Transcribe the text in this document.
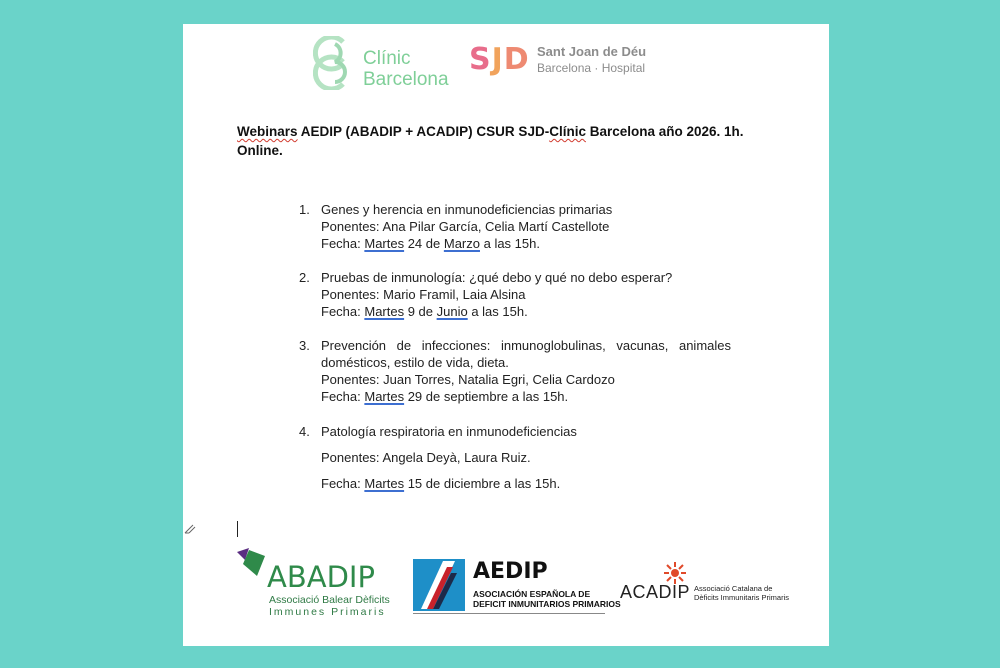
Clínic
Barcelona
SJD Sant Joan de Déu
Barcelona · Hospital
Webinars AEDIP (ABADIP + ACADIP) CSUR SJD-Clínic Barcelona año 2026. 1h. Online.
1. Genes y herencia en inmunodeficiencias primarias
Ponentes: Ana Pilar García, Celia Martí Castellote
Fecha: Martes 24 de Marzo a las 15h.
2. Pruebas de inmunología: ¿qué debo y qué no debo esperar?
Ponentes: Mario Framil, Laia Alsina
Fecha: Martes 9 de Junio a las 15h.
3. Prevención de infecciones: inmunoglobulinas, vacunas, animales domésticos, estilo de vida, dieta.
Ponentes: Juan Torres, Natalia Egri, Celia Cardozo
Fecha: Martes 29 de septiembre a las 15h.
4. Patología respiratoria en inmunodeficiencias
Ponentes: Angela Deyà, Laura Ruiz.
Fecha: Martes 15 de diciembre a las 15h.
ABADIP
Associació Balear Dèficits
Immunes Primaris
AEDIP
ASOCIACIÓN ESPAÑOLA DE
DEFICIT INMUNITARIOS PRIMARIOS
ACADIP Associació Catalana de
Dèficits Immunitaris Primaris
